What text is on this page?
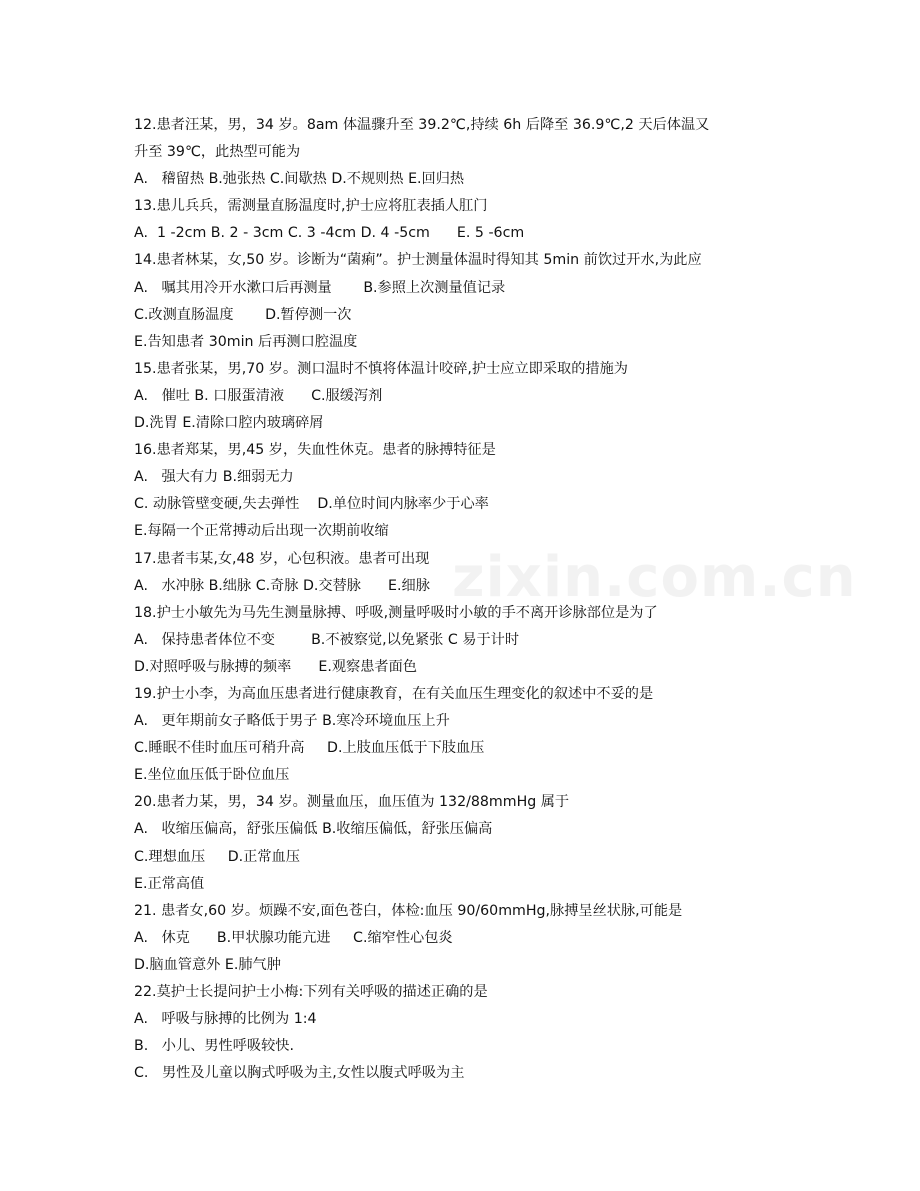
12.患者汪某，男，34 岁。8am 体温骤升至 39.2℃,持续 6h 后降至 36.9℃,2 天后体温又
升至 39℃，此热型可能为
A.   稽留热 B.弛张热 C.间歇热 D.不规则热 E.回归热
13.患儿兵兵，需测量直肠温度时,护士应将肛表插人肛门
A.  1 -2cm B. 2 - 3cm C. 3 -4cm D. 4 -5cm      E. 5 -6cm
14.患者林某，女,50 岁。诊断为“菌痢”。护士测量体温时得知其 5min 前饮过开水,为此应
A.   嘱其用冷开水漱口后再测量       B.参照上次测量值记录
C.改测直肠温度       D.暂停测一次
E.告知患者 30min 后再测口腔温度
15.患者张某，男,70 岁。测口温时不慎将体温计咬碎,护士应立即采取的措施为
A.   催吐 B. 口服蛋清液      C.服缓泻剂
D.洗胃 E.清除口腔内玻璃碎屑
16.患者郑某，男,45 岁，失血性休克。患者的脉搏特征是
A.   强大有力 B.细弱无力
C. 动脉管壁变硬,失去弹性    D.单位时间内脉率少于心率
E.每隔一个正常搏动后出现一次期前收缩
17.患者韦某,女,48 岁，心包积液。患者可出现
A.   水冲脉 B.绌脉 C.奇脉 D.交替脉      E.细脉
18.护士小敏先为马先生测量脉搏、呼吸,测量呼吸时小敏的手不离开诊脉部位是为了
A.   保持患者体位不变        B.不被察觉,以免紧张 C 易于计时
D.对照呼吸与脉搏的频率      E.观察患者面色
19.护士小李，为高血压患者进行健康教育，在有关血压生理变化的叙述中不妥的是
A.   更年期前女子略低于男子 B.寒冷环境血压上升
C.睡眠不佳时血压可稍升高     D.上肢血压低于下肢血压
E.坐位血压低于卧位血压
20.患者力某，男，34 岁。测量血压，血压值为 132/88mmHg 属于
A.   收缩压偏高，舒张压偏低 B.收缩压偏低，舒张压偏高
C.理想血压     D.正常血压
E.正常高值
21. 患者女,60 岁。烦躁不安,面色苍白，体检:血压 90/60mmHg,脉搏呈丝状脉,可能是
A.   休克      B.甲状腺功能亢进     C.缩窄性心包炎
D.脑血管意外 E.肺气肿
22.莫护士长提问护士小梅:下列有关呼吸的描述正确的是
A.   呼吸与脉搏的比例为 1:4
B.   小儿、男性呼吸较快.
C.   男性及儿童以胸式呼吸为主,女性以腹式呼吸为主
zixin.com.cn
